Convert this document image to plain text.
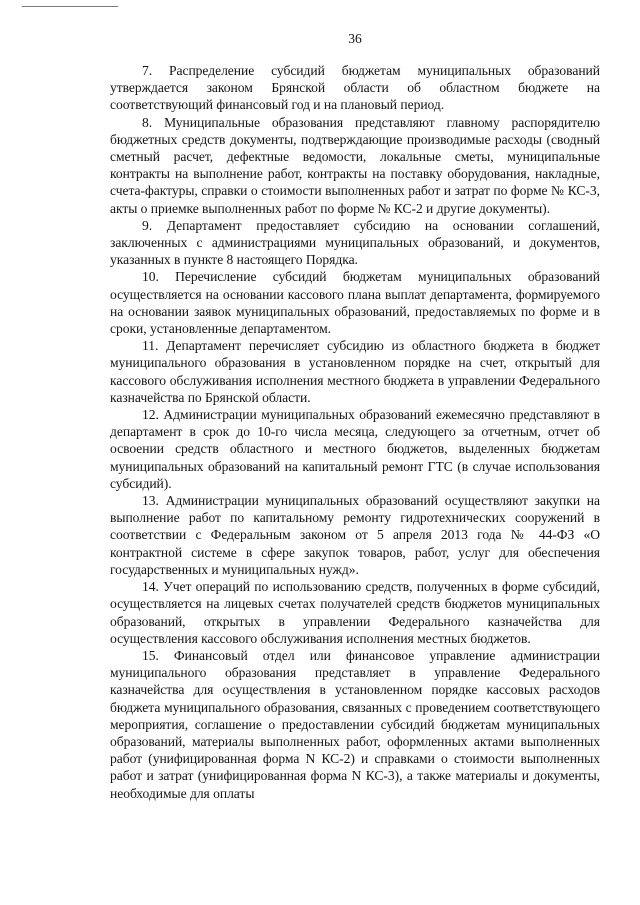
36

7. Распределение субсидий бюджетам муниципальных образований утверждается законом Брянской области об областном бюджете на соответствующий финансовый год и на плановый период.

8. Муниципальные образования представляют главному распорядителю бюджетных средств документы, подтверждающие производимые расходы (сводный сметный расчет, дефектные ведомости, локальные сметы, муниципальные контракты на выполнение работ, контракты на поставку оборудования, накладные, счета-фактуры, справки о стоимости выполненных работ и затрат по форме № КС-3, акты о приемке выполненных работ по форме № КС-2 и другие документы).

9. Департамент предоставляет субсидию на основании соглашений, заключенных с администрациями муниципальных образований, и документов, указанных в пункте 8 настоящего Порядка.

10. Перечисление субсидий бюджетам муниципальных образований осуществляется на основании кассового плана выплат департамента, формируемого на основании заявок муниципальных образований, предоставляемых по форме и в сроки, установленные департаментом.

11. Департамент перечисляет субсидию из областного бюджета в бюджет муниципального образования в установленном порядке на счет, открытый для кассового обслуживания исполнения местного бюджета в управлении Федерального казначейства по Брянской области.

12. Администрации муниципальных образований ежемесячно представляют в департамент в срок до 10-го числа месяца, следующего за отчетным, отчет об освоении средств областного и местного бюджетов, выделенных бюджетам муниципальных образований на капитальный ремонт ГТС (в случае использования субсидий).

13. Администрации муниципальных образований осуществляют закупки на выполнение работ по капитальному ремонту гидротехнических сооружений в соответствии с Федеральным законом от 5 апреля 2013 года № 44-ФЗ «О контрактной системе в сфере закупок товаров, работ, услуг для обеспечения государственных и муниципальных нужд».

14. Учет операций по использованию средств, полученных в форме субсидий, осуществляется на лицевых счетах получателей средств бюджетов муниципальных образований, открытых в управлении Федерального казначейства для осуществления кассового обслуживания исполнения местных бюджетов.

15. Финансовый отдел или финансовое управление администрации муниципального образования представляет в управление Федерального казначейства для осуществления в установленном порядке кассовых расходов бюджета муниципального образования, связанных с проведением соответствующего мероприятия, соглашение о предоставлении субсидий бюджетам муниципальных образований, материалы выполненных работ, оформленных актами выполненных работ (унифицированная форма N КС-2) и справками о стоимости выполненных работ и затрат (унифицированная форма N КС-3), а также материалы и документы, необходимые для оплаты
